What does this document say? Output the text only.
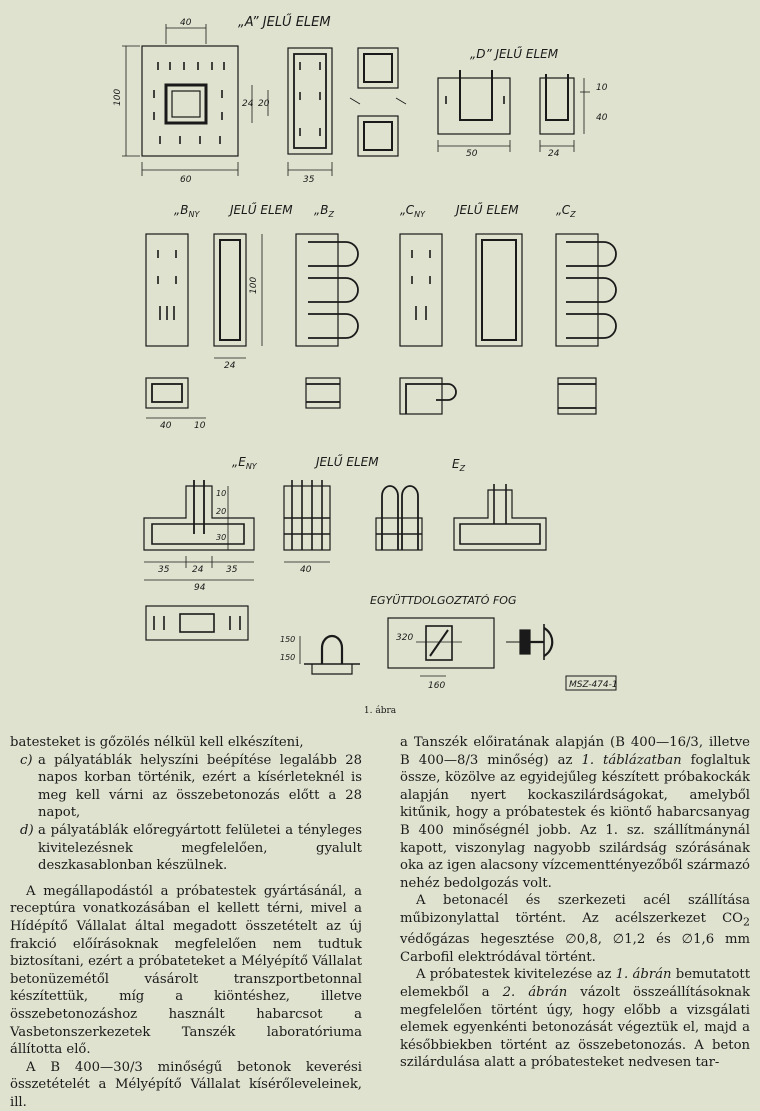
„A” JELŰ ELEM
40
100
60
24 20
35
„D” JELŰ ELEM
50
10
40
24
$„B_{NY}$	JELŰ ELEM $„B_Z$	$„C_{NY}$	JELŰ ELEM	$„C_Z$
100
24
40	10
$„E_{NY}$	JELŰ ELEM	$E_Z$
10
20
30
35	24	35
94
40
EGYÜTTDOLGOZTATÓ FOG
150
150
320
160	MSZ-474-1
1. ábra

batesteket is gőzölés nélkül kell elkészíteni,

c) a pályatáblák helyszíni beépítése legalább 28 napos korban történik, ezért a kísérleteknél is meg kell várni az összebetonozás előtt a 28 napot,

d) a pályatáblák előregyártott felületei a tényleges kivitelezésnek megfelelően, gyalult deszkasablonban készülnek.

A megállapodástól a próbatestek gyártásánál, a receptúra vonatkozásában el kellett térni, mivel a Hídépítő Vállalat által megadott összetételt az új frakció előírásoknak megfelelően nem tudtuk biztosítani, ezért a próbateteket a Mélyépítő Vállalat betonüzemétől vásárolt transzportbetonnal készítettük, míg a kiöntéshez, illetve összebetonozáshoz használt habarcsot a Vasbetonszerkezetek Tanszék laboratóriuma állította elő.

A B 400—30/3 minőségű betonok keverési összetételét a Mélyépítő Vállalat kísérőleveleinek, ill.

a Tanszék előiratának alapján (B 400—16/3, illetve B 400—8/3 minőség) az 1. táblázatban foglaltuk össze, közölve az egyidejűleg készített próbakockák alapján nyert kockaszilárdságokat, amelyből kitűnik, hogy a próbatestek és kiöntő habarcsanyag B 400 minőségnél jobb. Az 1. sz. szállítmánynál kapott, viszonylag nagyobb szilárdság szórásának oka az igen alacsony vízcementtényezőből származó nehéz bedolgozás volt.

A betonacél és szerkezeti acél szállítása műbizonylattal történt. Az acélszerkezet $CO_2$ védőgázas hegesztése ∅0,8, ∅1,2 és ∅1,6 mm Carbofil elektródával történt.

A próbatestek kivitelezése az 1. ábrán bemutatott elemekből a 2. ábrán vázolt összeállításoknak megfelelően történt úgy, hogy előbb a vizsgálati elemek egyenkénti betonozását végeztük el, majd a későbbiekben történt az összebetonozás. A beton szilárdulása alatt a próbatesteket nedvesen tar-
